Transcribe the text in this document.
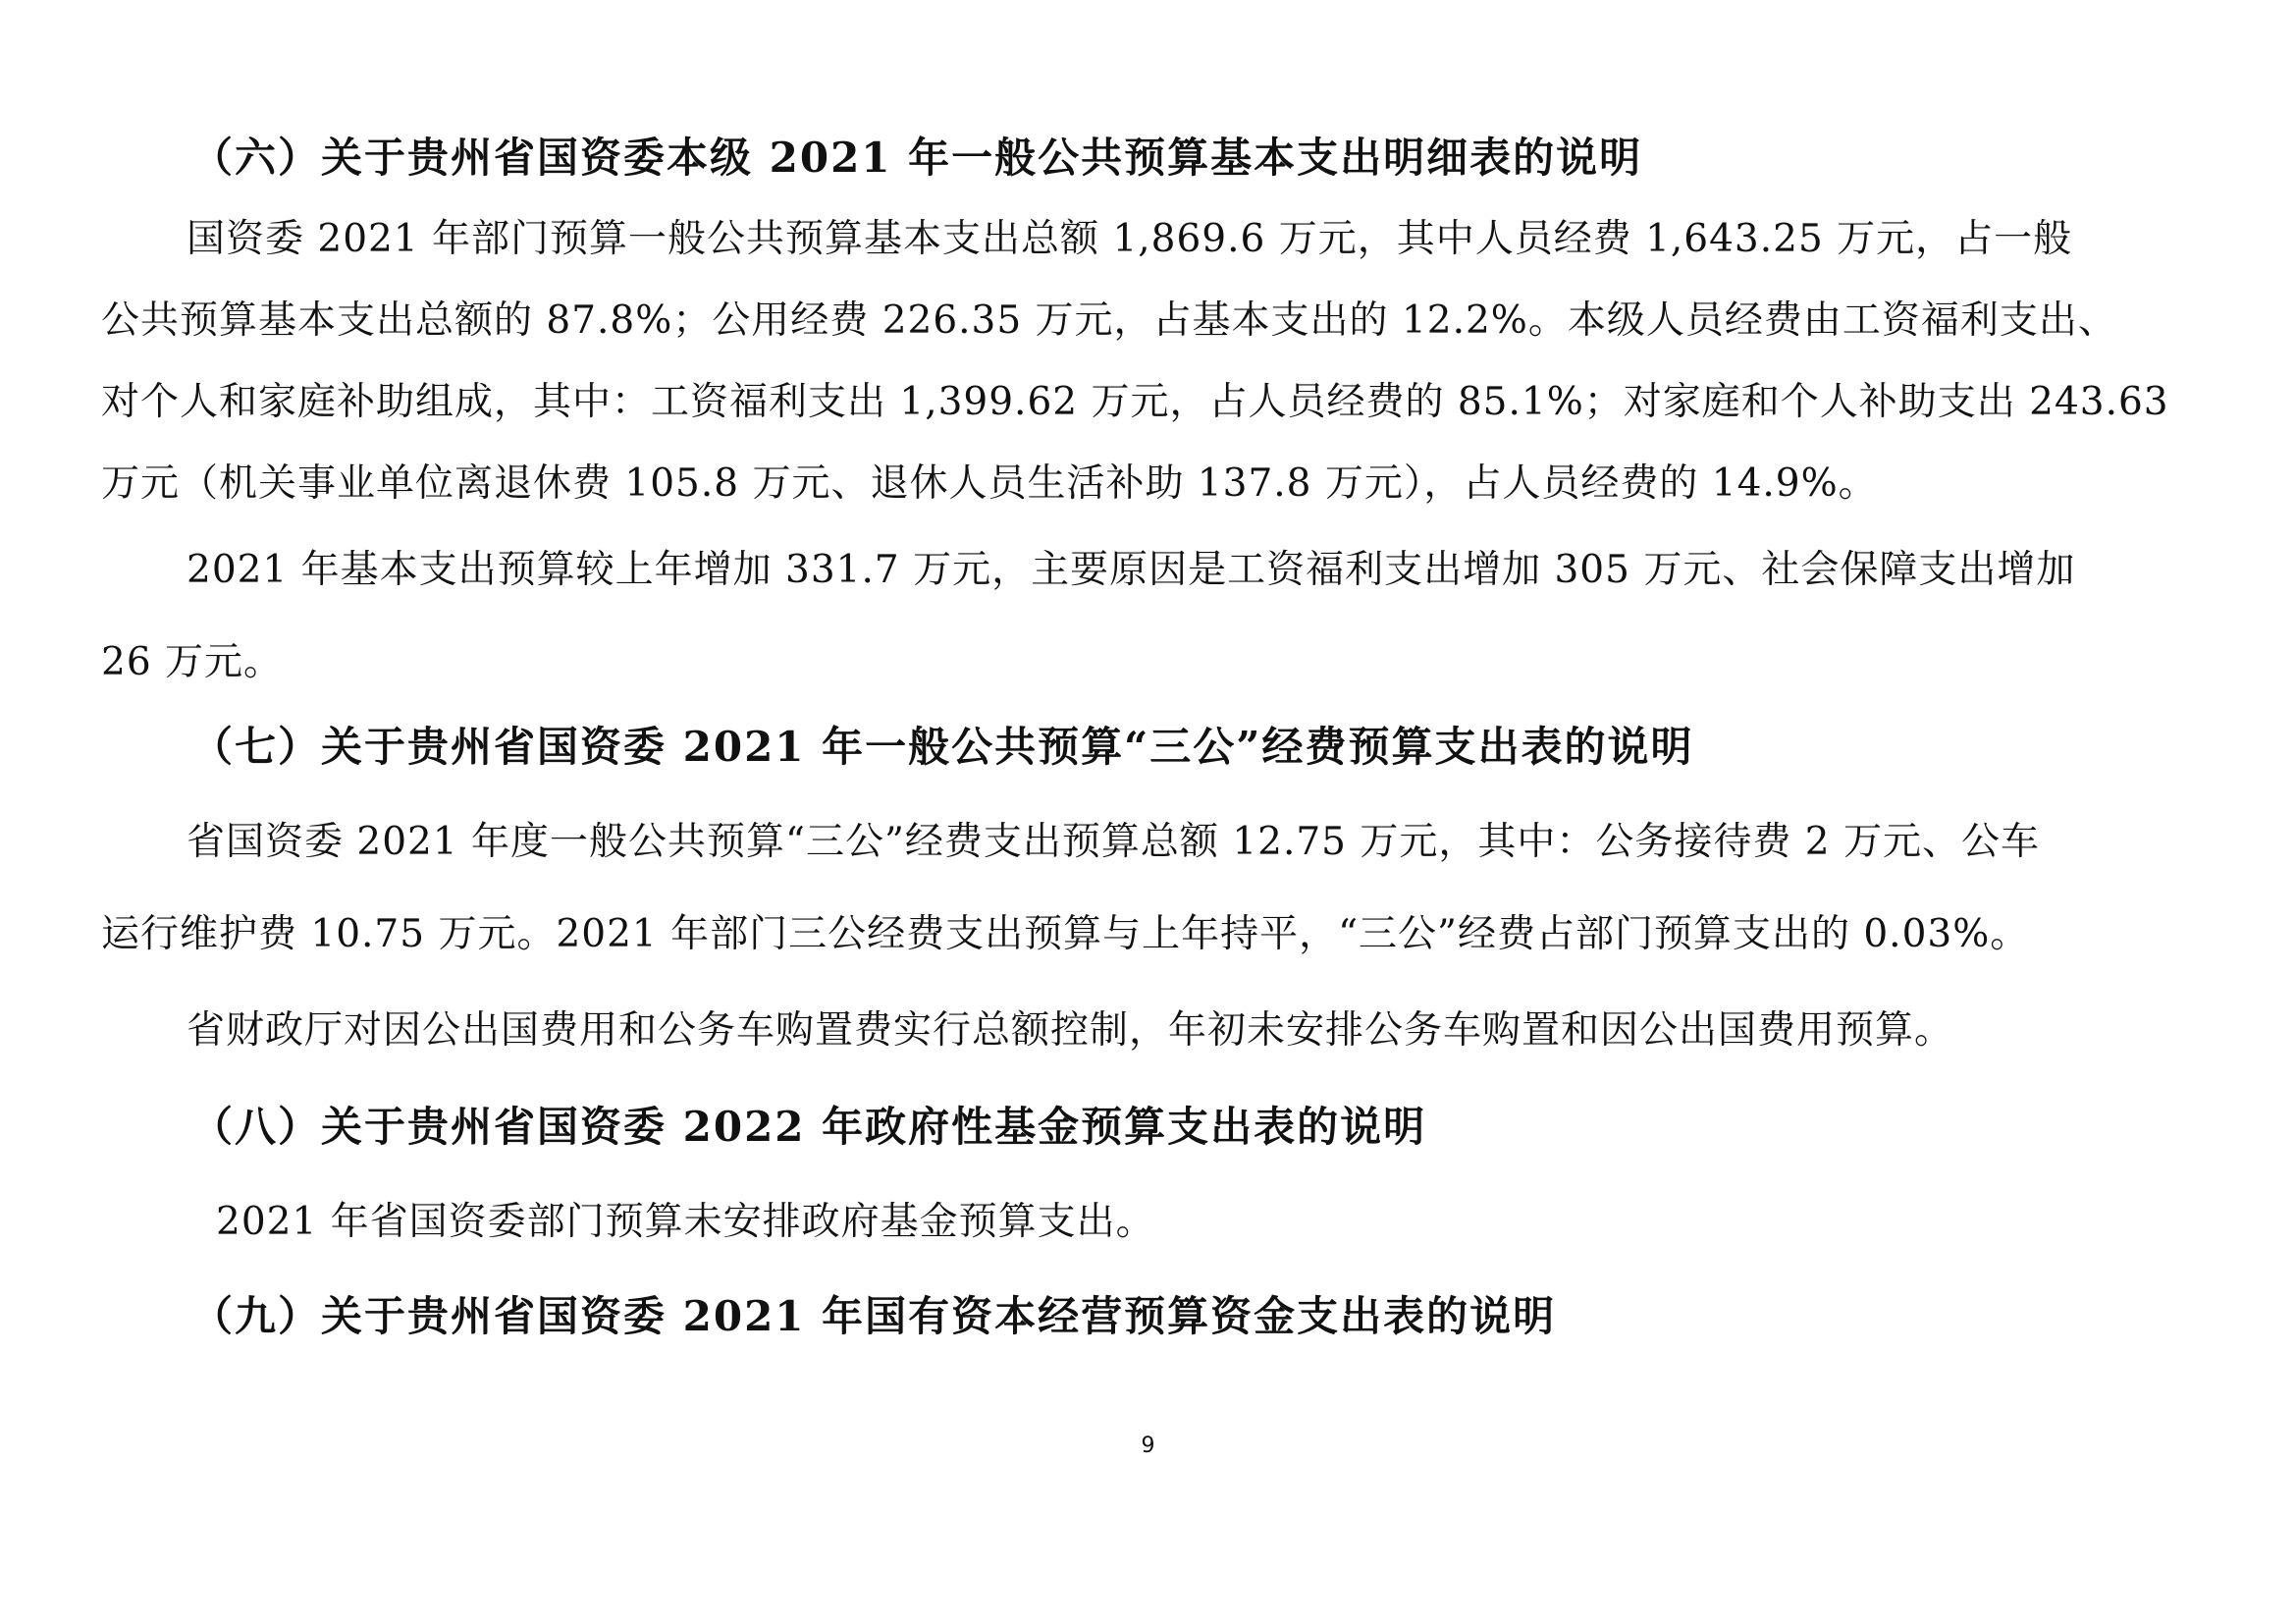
（六）关于贵州省国资委本级 2021 年一般公共预算基本支出明细表的说明
国资委 2021 年部门预算一般公共预算基本支出总额 1,869.6 万元，其中人员经费 1,643.25 万元，占一般
公共预算基本支出总额的 87.8%；公用经费 226.35 万元，占基本支出的 12.2%。本级人员经费由工资福利支出、
对个人和家庭补助组成，其中：工资福利支出 1,399.62 万元，占人员经费的 85.1%；对家庭和个人补助支出 243.63
万元（机关事业单位离退休费 105.8 万元、退休人员生活补助 137.8 万元），占人员经费的 14.9%。
2021 年基本支出预算较上年增加 331.7 万元，主要原因是工资福利支出增加 305 万元、社会保障支出增加
26 万元。
（七）关于贵州省国资委 2021 年一般公共预算“三公”经费预算支出表的说明
省国资委 2021 年度一般公共预算“三公”经费支出预算总额 12.75 万元，其中：公务接待费 2 万元、公车
运行维护费 10.75 万元。2021 年部门三公经费支出预算与上年持平，“三公”经费占部门预算支出的 0.03%。
省财政厅对因公出国费用和公务车购置费实行总额控制，年初未安排公务车购置和因公出国费用预算。
（八）关于贵州省国资委 2022 年政府性基金预算支出表的说明
2021 年省国资委部门预算未安排政府基金预算支出。
（九）关于贵州省国资委 2021 年国有资本经营预算资金支出表的说明
9
